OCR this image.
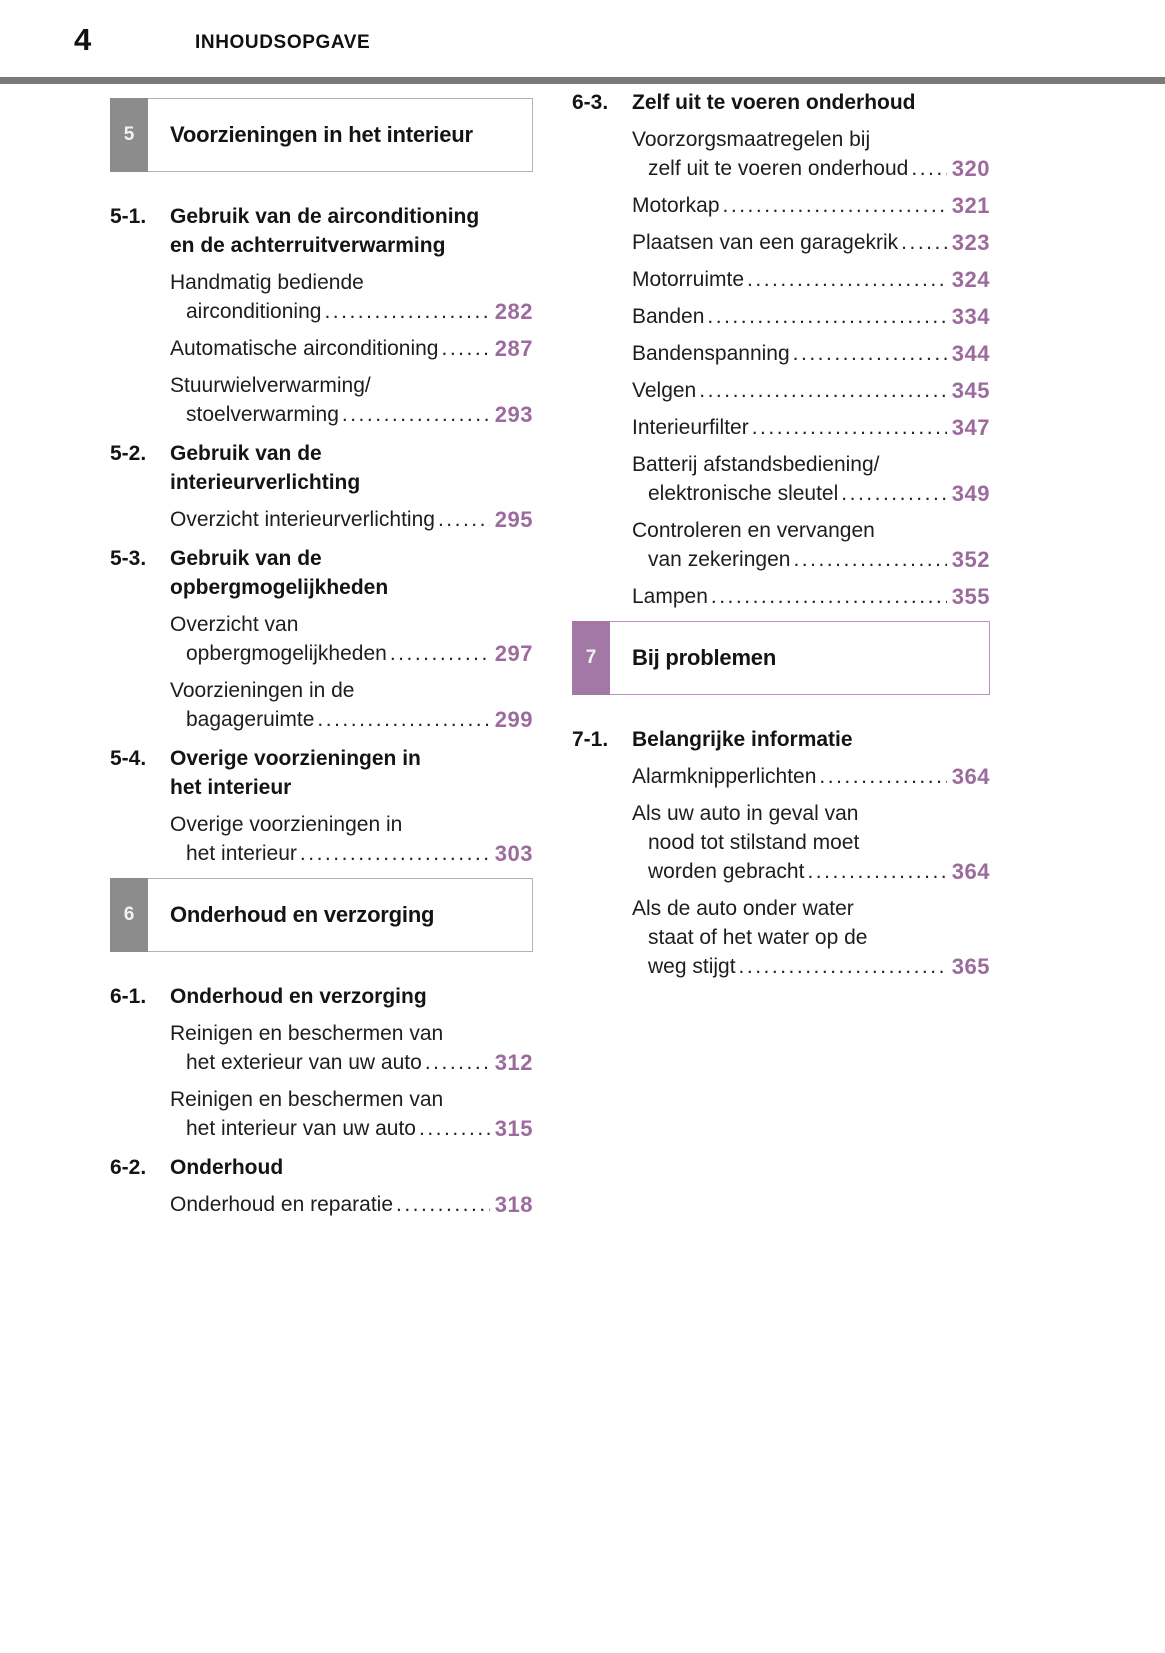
4	INHOUDSOPGAVE
5	Voorzieningen in het interieur
5-1.	Gebruik van de airconditioning
en de achterruitverwarming
Handmatig bediende
airconditioning .....	282
Automatische airconditioning .....	287
Stuurwielverwarming/
stoelverwarming .....	293
5-2.	Gebruik van de
interieurverlichting
Overzicht interieurverlichting .....	295
5-3.	Gebruik van de
opbergmogelijkheden
Overzicht van
opbergmogelijkheden .....	297
Voorzieningen in de
bagageruimte .....	299
5-4.	Overige voorzieningen in
het interieur
Overige voorzieningen in
het interieur .....	303
6	Onderhoud en verzorging
6-1.	Onderhoud en verzorging
Reinigen en beschermen van
het exterieur van uw auto .....	312
Reinigen en beschermen van
het interieur van uw auto .....	315
6-2.	Onderhoud
Onderhoud en reparatie .....	318
6-3.	Zelf uit te voeren onderhoud
Voorzorgsmaatregelen bij
zelf uit te voeren onderhoud ..... 320
Motorkap .....	321
Plaatsen van een garagekrik ..... 323
Motorruimte .....	324
Banden .....	334
Bandenspanning .....	344
Velgen .....	345
Interieurfilter .....	347
Batterij afstandsbediening/
elektronische sleutel .....	349
Controleren en vervangen
van zekeringen .....	352
Lampen .....	355
7	Bij problemen
7-1.	Belangrijke informatie
Alarmknipperlichten .....	364
Als uw auto in geval van
nood tot stilstand moet
worden gebracht .....	364
Als de auto onder water
staat of het water op de
weg stijgt .....	365
